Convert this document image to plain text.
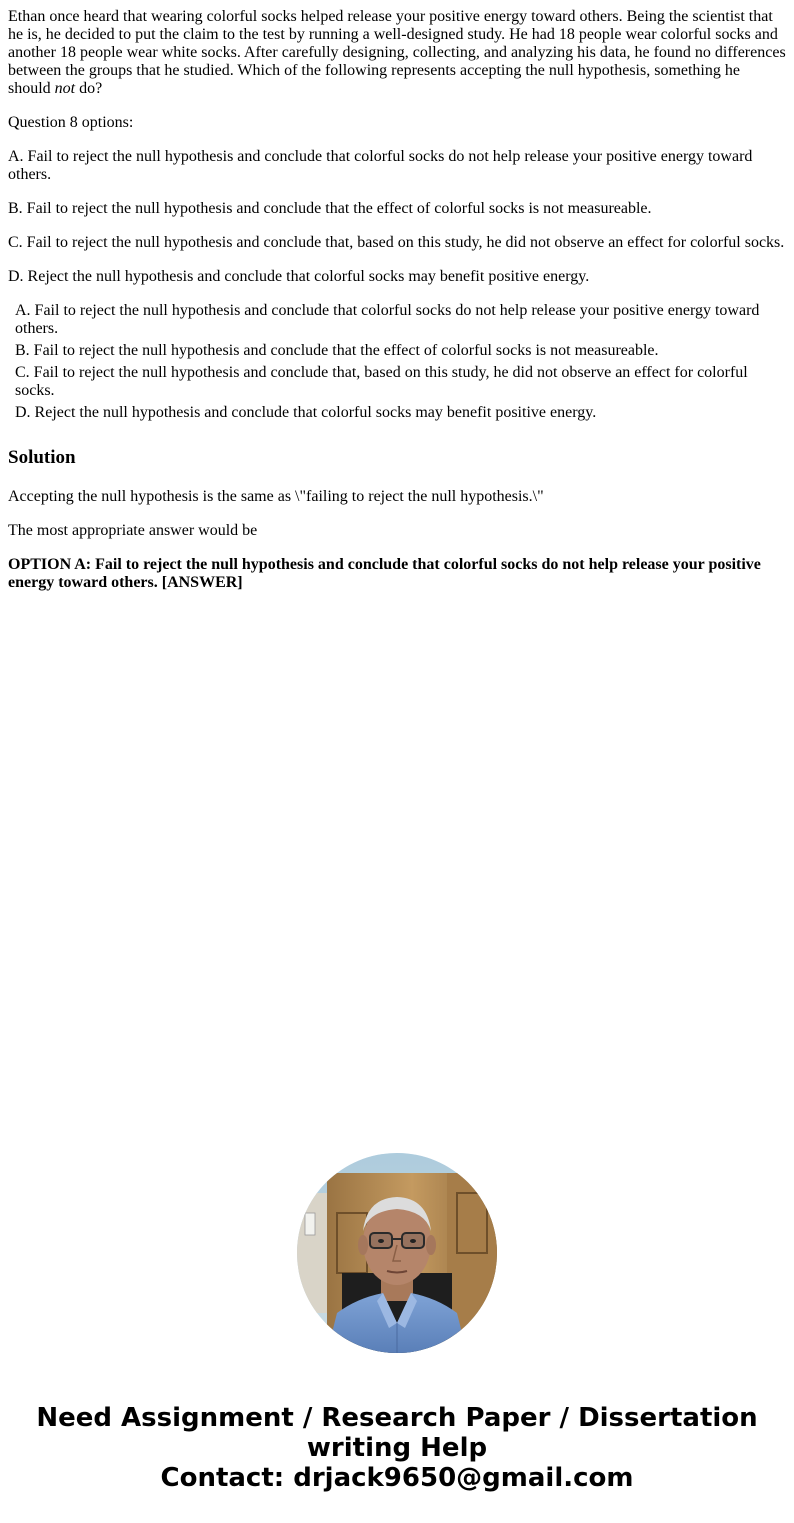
Ethan once heard that wearing colorful socks helped release your positive energy toward others. Being the scientist that he is, he decided to put the claim to the test by running a well-designed study. He had 18 people wear colorful socks and another 18 people wear white socks. After carefully designing, collecting, and analyzing his data, he found no differences between the groups that he studied. Which of the following represents accepting the null hypothesis, something he should not do?

Question 8 options:

A. Fail to reject the null hypothesis and conclude that colorful socks do not help release your positive energy toward others.

B. Fail to reject the null hypothesis and conclude that the effect of colorful socks is not measureable.

C. Fail to reject the null hypothesis and conclude that, based on this study, he did not observe an effect for colorful socks.

D. Reject the null hypothesis and conclude that colorful socks may benefit positive energy.

A. Fail to reject the null hypothesis and conclude that colorful socks do not help release your positive energy toward others.
B. Fail to reject the null hypothesis and conclude that the effect of colorful socks is not measureable.
C. Fail to reject the null hypothesis and conclude that, based on this study, he did not observe an effect for colorful socks.
D. Reject the null hypothesis and conclude that colorful socks may benefit positive energy.
Solution

Accepting the null hypothesis is the same as \"failing to reject the null hypothesis.\"

The most appropriate answer would be

OPTION A: Fail to reject the null hypothesis and conclude that colorful socks do not help release your positive energy toward others. [ANSWER]

Need Assignment / Research Paper / Dissertation
writing Help
Contact: drjack9650@gmail.com
